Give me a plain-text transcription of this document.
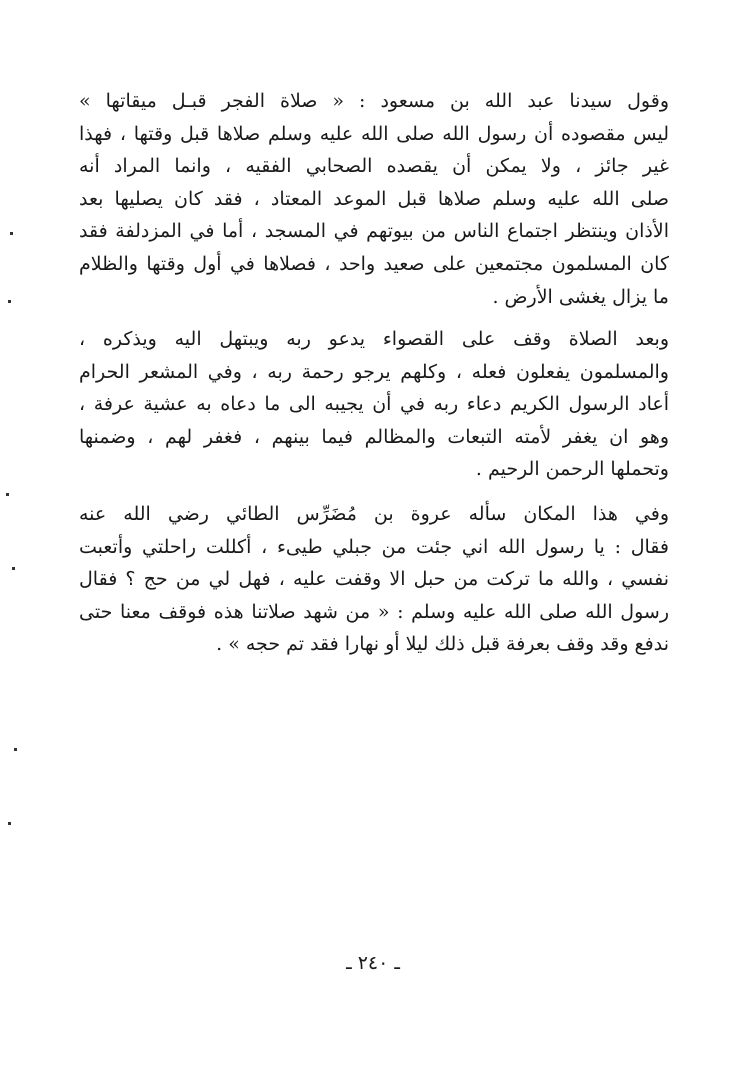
وقول سيدنا عبد الله بن مسعود : « صلاة الفجر قبـل ميقاتها »
ليس مقصوده أن رسول الله صلى الله عليه وسلم صلاها قبل وقتها ، فهذا
غير جائز ، ولا يمكن أن يقصده الصحابي الفقيه ، وانما المراد أنه
صلى الله عليه وسلم صلاها قبل الموعد المعتاد ، فقد كان يصليها بعد
الأذان وينتظر اجتماع الناس من بيوتهم في المسجد ، أما في المزدلفة فقد
كان المسلمون مجتمعين على صعيد واحد ، فصلاها في أول وقتها والظلام
ما يزال يغشى الأرض .
وبعد الصلاة وقف على القصواء يدعو ربه ويبتهل اليه ويذكره ،
والمسلمون يفعلون فعله ، وكلهم يرجو رحمة ربه ، وفي المشعر الحرام
أعاد الرسول الكريم دعاء ربه في أن يجيبه الى ما دعاه به عشية عرفة ،
وهو ان يغفر لأمته التبعات والمظالم فيما بينهم ، فغفر لهم ، وضمنها
وتحملها الرحمن الرحيم .
وفي هذا المكان سأله عروة بن مُضَرِّس الطائي رضي الله عنه
فقال : يا رسول الله اني جئت من جبلي طيىء ، أكللت راحلتي وأتعبت
نفسي ، والله ما تركت من حبل الا وقفت عليه ، فهل لي من حج ؟ فقال
رسول الله صلى الله عليه وسلم : « من شهد صلاتنا هذه فوقف معنا حتى
ندفع وقد وقف بعرفة قبل ذلك ليلا أو نهارا فقد تم حجه » .
ـ ٢٤٠ ـ
